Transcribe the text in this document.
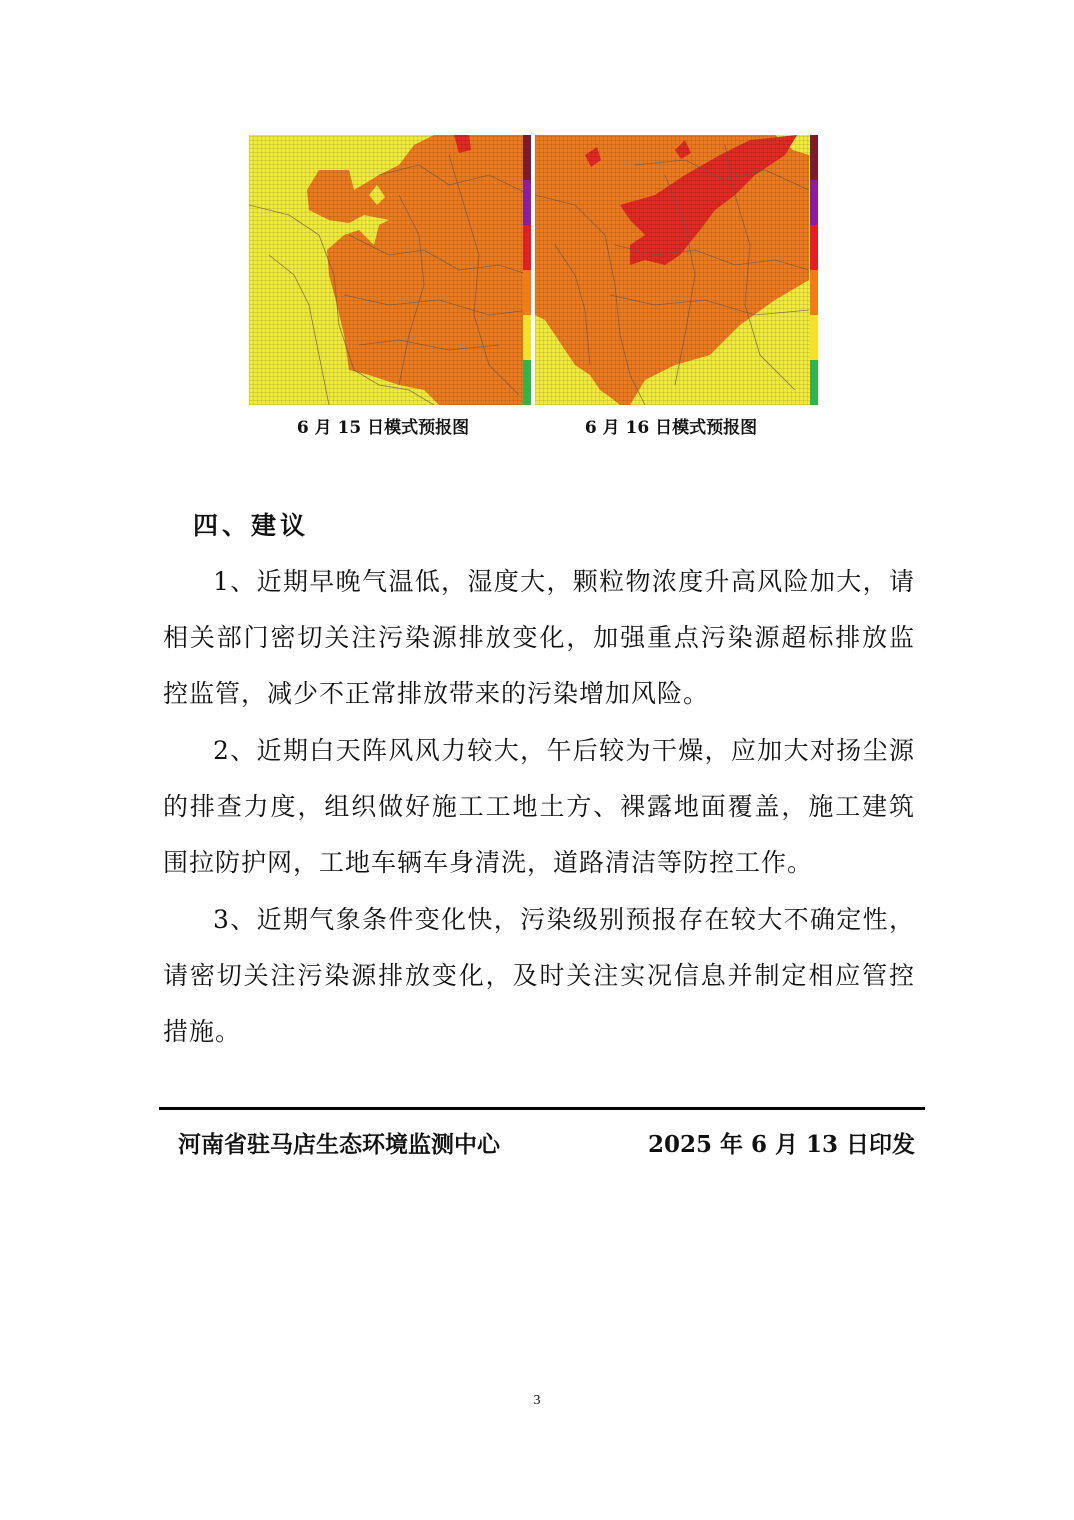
6 月 15 日模式预报图	6 月 16 日模式预报图
四、建议

1、近期早晚气温低，湿度大，颗粒物浓度升高风险加大，请相关部门密切关注污染源排放变化，加强重点污染源超标排放监控监管，减少不正常排放带来的污染增加风险。

2、近期白天阵风风力较大，午后较为干燥，应加大对扬尘源的排查力度，组织做好施工工地土方、裸露地面覆盖，施工建筑围拉防护网，工地车辆车身清洗，道路清洁等防控工作。

3、近期气象条件变化快，污染级别预报存在较大不确定性，请密切关注污染源排放变化，及时关注实况信息并制定相应管控措施。

河南省驻马店生态环境监测中心	2025 年 6 月 13 日印发
3
